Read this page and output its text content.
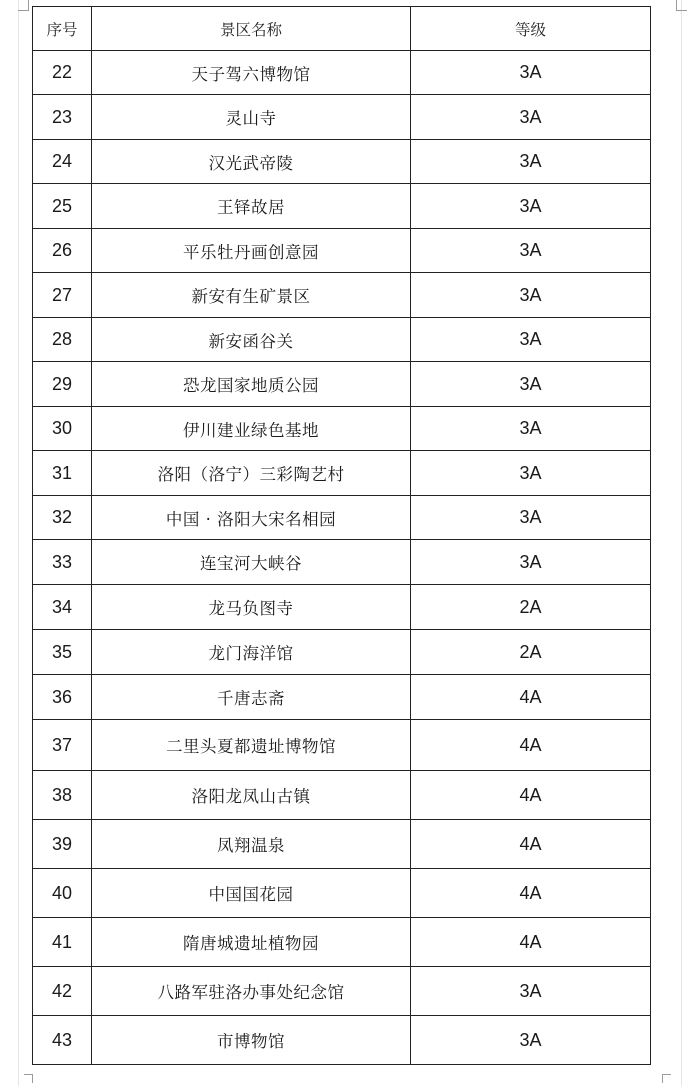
序号	景区名称	等级
22	天子驾六博物馆	3A
23	灵山寺	3A
24	汉光武帝陵	3A
25	王铎故居	3A
26	平乐牡丹画创意园	3A
27	新安有生矿景区	3A
28	新安函谷关	3A
29	恐龙国家地质公园	3A
30	伊川建业绿色基地	3A
31	洛阳（洛宁）三彩陶艺村	3A
32	中国 · 洛阳大宋名相园	3A
33	连宝河大峡谷	3A
34	龙马负图寺	2A
35	龙门海洋馆	2A
36	千唐志斋	4A
37	二里头夏都遗址博物馆	4A
38	洛阳龙凤山古镇	4A
39	凤翔温泉	4A
40	中国国花园	4A
41	隋唐城遗址植物园	4A
42	八路军驻洛办事处纪念馆	3A
43	市博物馆	3A
